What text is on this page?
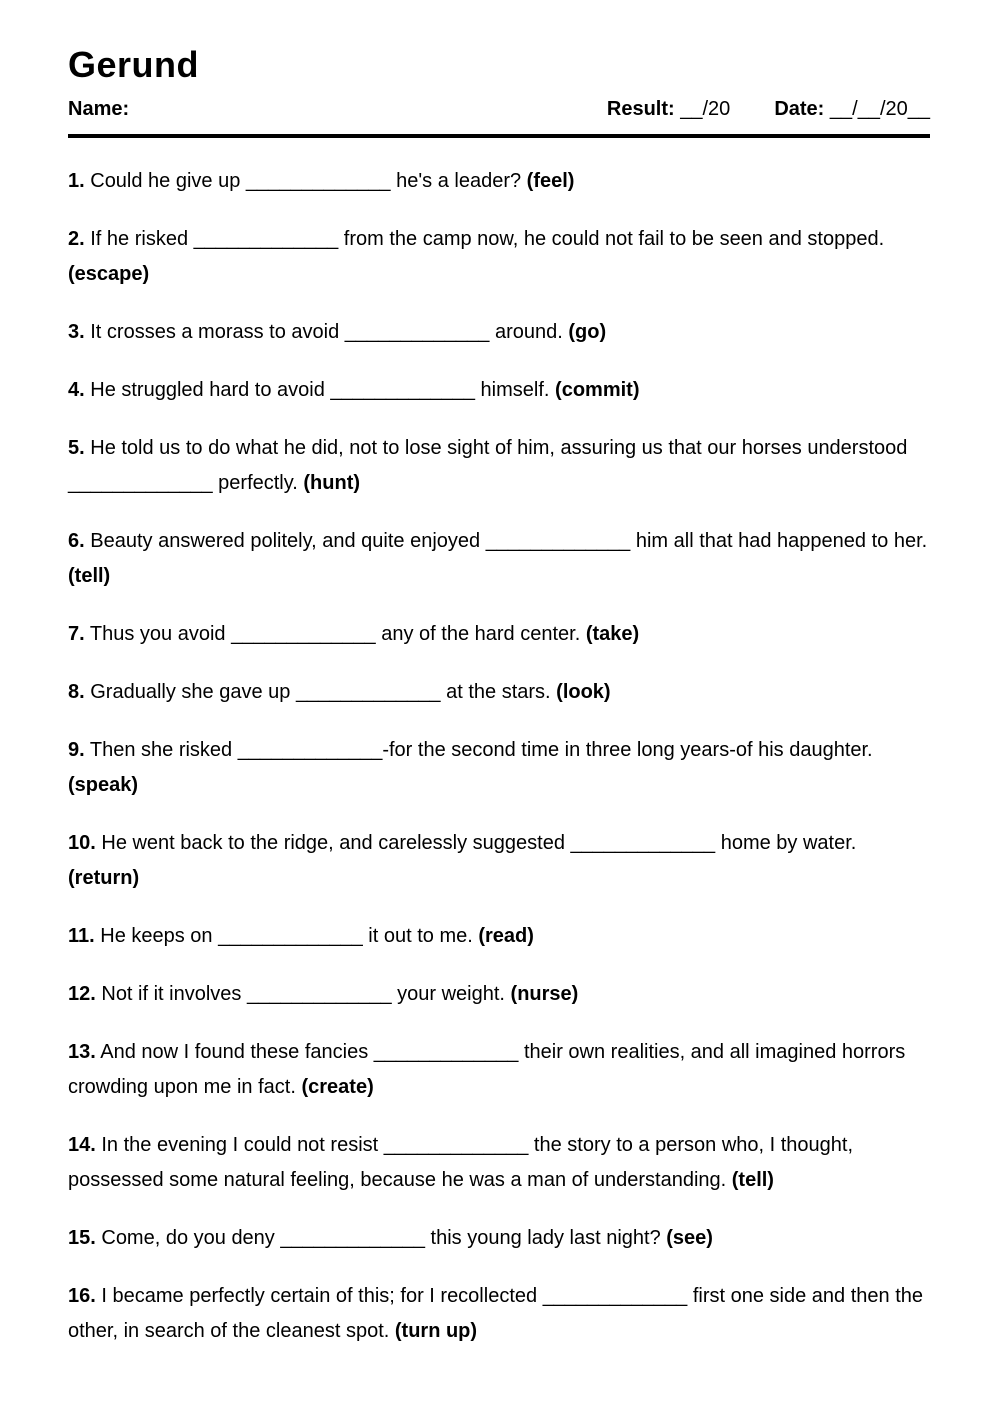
Gerund
Name:	Result: __/20 Date: __/__/20__

1. Could he give up _____________ he's a leader? (feel)

2. If he risked _____________ from the camp now, he could not fail to be seen and stopped. (escape)

3. It crosses a morass to avoid _____________ around. (go)

4. He struggled hard to avoid _____________ himself. (commit)

5. He told us to do what he did, not to lose sight of him, assuring us that our horses understood _____________ perfectly. (hunt)

6. Beauty answered politely, and quite enjoyed _____________ him all that had happened to her. (tell)

7. Thus you avoid _____________ any of the hard center. (take)

8. Gradually she gave up _____________ at the stars. (look)

9. Then she risked _____________-for the second time in three long years-of his daughter. (speak)

10. He went back to the ridge, and carelessly suggested _____________ home by water. (return)

11. He keeps on _____________ it out to me. (read)

12. Not if it involves _____________ your weight. (nurse)

13. And now I found these fancies _____________ their own realities, and all imagined horrors crowding upon me in fact. (create)

14. In the evening I could not resist _____________ the story to a person who, I thought, possessed some natural feeling, because he was a man of understanding. (tell)

15. Come, do you deny _____________ this young lady last night? (see)

16. I became perfectly certain of this; for I recollected _____________ first one side and then the other, in search of the cleanest spot. (turn up)
